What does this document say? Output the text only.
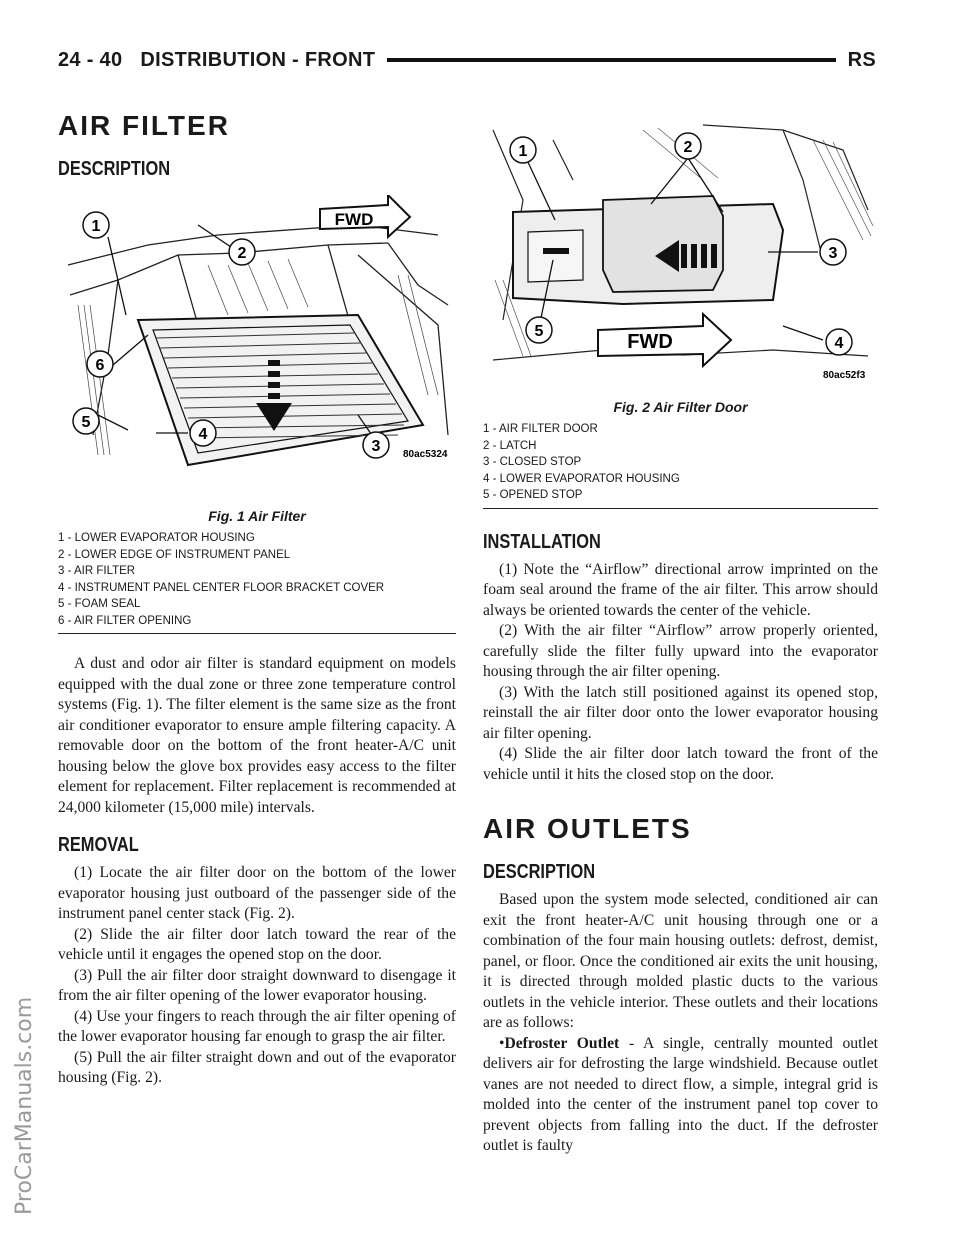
24 - 40 DISTRIBUTION - FRONT	RS
ProCarManuals.com
AIR FILTER
DESCRIPTION
FWD
1
2
3
4
5
6
80ac5324
Fig. 1 Air Filter
1 - LOWER EVAPORATOR HOUSING
2 - LOWER EDGE OF INSTRUMENT PANEL
3 - AIR FILTER
4 - INSTRUMENT PANEL CENTER FLOOR BRACKET COVER
5 - FOAM SEAL
6 - AIR FILTER OPENING

A dust and odor air filter is standard equipment on models equipped with the dual zone or three zone temperature control systems (Fig. 1). The filter element is the same size as the front air conditioner evaporator to ensure ample filtering capacity. A removable door on the bottom of the front heater-A/C unit housing below the glove box provides easy access to the filter element for replacement. Filter replacement is recommended at 24,000 kilometer (15,000 mile) intervals.

REMOVAL

(1) Locate the air filter door on the bottom of the lower evaporator housing just outboard of the passenger side of the instrument panel center stack (Fig. 2).

(2) Slide the air filter door latch toward the rear of the vehicle until it engages the opened stop on the door.

(3) Pull the air filter door straight downward to disengage it from the air filter opening of the lower evaporator housing.

(4) Use your fingers to reach through the air filter opening of the lower evaporator housing far enough to grasp the air filter.

(5) Pull the air filter straight down and out of the evaporator housing (Fig. 2).

FWD
1	2
3
4
5
80ac52f3
Fig. 2 Air Filter Door
1 - AIR FILTER DOOR
2 - LATCH
3 - CLOSED STOP
4 - LOWER EVAPORATOR HOUSING
5 - OPENED STOP
INSTALLATION

(1) Note the “Airflow” directional arrow imprinted on the foam seal around the frame of the air filter. This arrow should always be oriented towards the center of the vehicle.

(2) With the air filter “Airflow” arrow properly oriented, carefully slide the filter fully upward into the evaporator housing through the air filter opening.

(3) With the latch still positioned against its opened stop, reinstall the air filter door onto the lower evaporator housing air filter opening.

(4) Slide the air filter door latch toward the front of the vehicle until it hits the closed stop on the door.

AIR OUTLETS
DESCRIPTION

Based upon the system mode selected, conditioned air can exit the front heater-A/C unit housing through one or a combination of the four main housing outlets: defrost, demist, panel, or floor. Once the conditioned air exits the unit housing, it is directed through molded plastic ducts to the various outlets in the vehicle interior. These outlets and their locations are as follows:

•Defroster Outlet - A single, centrally mounted outlet delivers air for defrosting the large windshield. Because outlet vanes are not needed to direct flow, a simple, integral grid is molded into the center of the instrument panel top cover to prevent objects from falling into the duct. If the defroster outlet is faulty
